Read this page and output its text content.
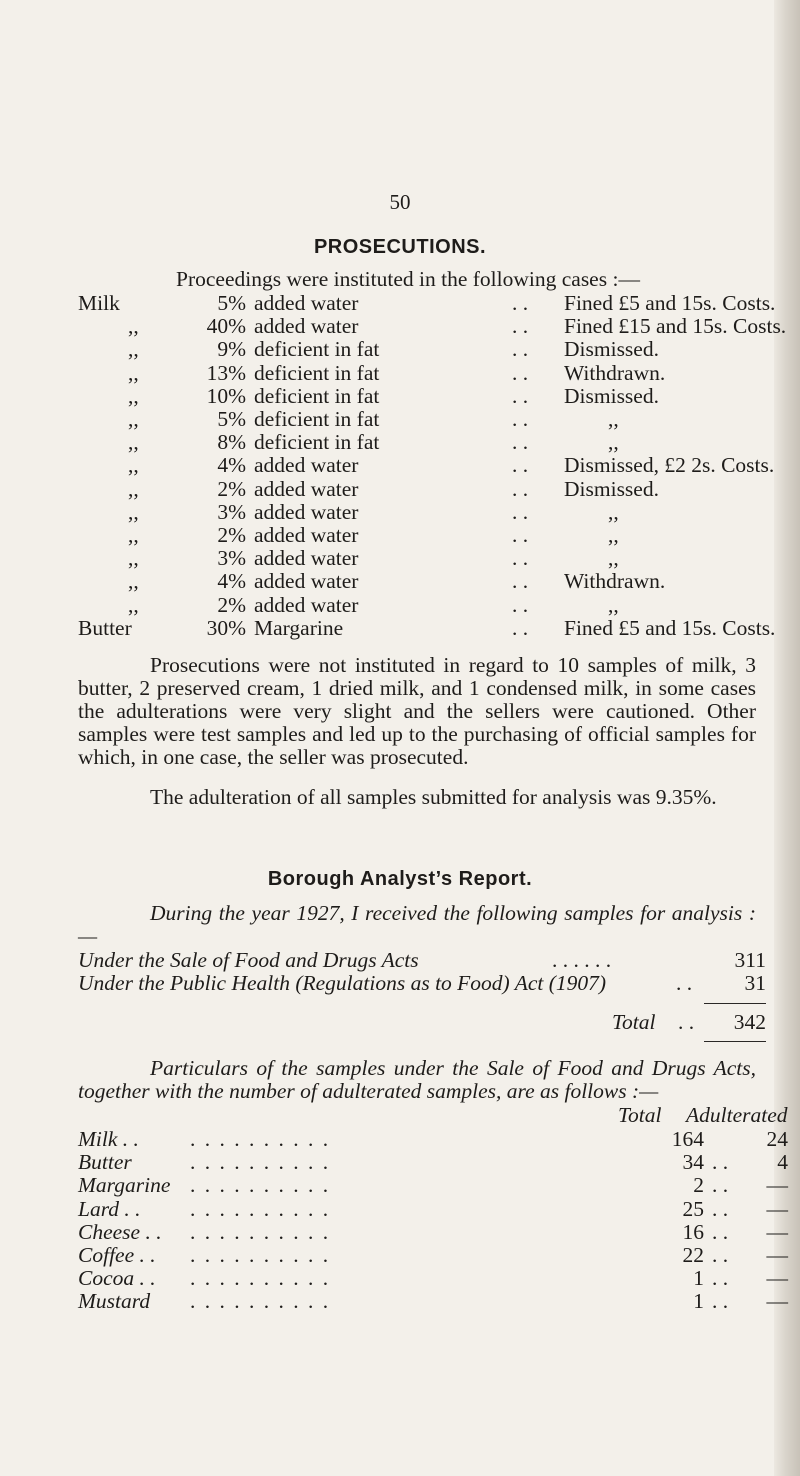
50
PROSECUTIONS.
Proceedings were instituted in the following cases :—
Milk	5% added water	. . Fined £5 and 15s. Costs.
,,	40% added water	. . Fined £15 and 15s. Costs.
,,	9% deficient in fat	. . Dismissed.
,,	13% deficient in fat	. . Withdrawn.
,,	10% deficient in fat	. . Dismissed.
,,	5% deficient in fat	. .	,,
,,	8% deficient in fat	. .	,,
,,	4% added water	. . Dismissed, £2 2s. Costs.
,,	2% added water	. . Dismissed.
,,	3% added water	. .	,,
,,	2% added water	. .	,,
,,	3% added water	. .	,,
,,	4% added water	. . Withdrawn.
,,	2% added water	. .	,,
Butter	30% Margarine	. . Fined £5 and 15s. Costs.
Prosecutions were not instituted in regard to 10 samples of milk, 3 butter, 2 preserved cream, 1 dried milk, and 1 condensed milk, in some cases the adulterations were very slight and the sellers were cautioned. Other samples were test samples and led up to the purchasing of official samples for which, in one case, the seller was prosecuted.
The adulteration of all samples submitted for analysis was 9.35%.
Borough Analyst’s Report.
During the year 1927, I received the following samples for analysis :—
Under the Sale of Food and Drugs Acts	. . . . . .	311
Under the Public Health (Regulations as to Food) Act (1907)	. .	31
Total . .	342
Particulars of the samples under the Sale of Food and Drugs Acts, together with the number of adulterated samples, are as follows :—
Total Adulterated
Milk . . . . . . . . . . . .	164	24
Butter	. . . . . . . . . .	34 . .	4
Margarine . . . . . . . . . .	2 . .	—
Lard . . . . . . . . . . . .	25 . .	—
Cheese . . . . . . . . . . . .	16 . .	—
Coffee . . . . . . . . . . . .	22 . .	—
Cocoa . . . . . . . . . . . .	1 . .	—
Mustard . . . . . . . . . .	1 . .	—
